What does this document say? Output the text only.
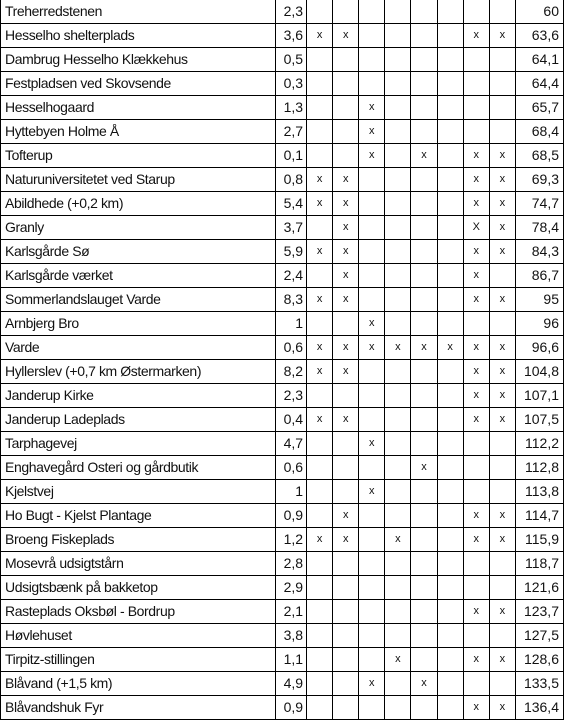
Treherredstenen	2,3									60
Hesselho shelterplads	3,6	x	x					x	x	63,6
Dambrug Hesselho Klækkehus	0,5									64,1
Festpladsen ved Skovsende	0,3									64,4
Hesselhogaard	1,3			x						65,7
Hyttebyen Holme Å	2,7			x						68,4
Tofterup	0,1			x		x		x	x	68,5
Naturuniversitetet ved Starup	0,8	x	x					x	x	69,3
Abildhede (+0,2 km)	5,4	x	x					x	x	74,7
Granly	3,7		x					X	x	78,4
Karlsgårde Sø	5,9	x	x					x	x	84,3
Karlsgårde værket	2,4		x					x		86,7
Sommerlandslauget Varde	8,3	x	x					x	x	95
Arnbjerg Bro	1			x						96
Varde	0,6	x	x	x	x	x	x	x	x	96,6
Hyllerslev (+0,7 km Østermarken)	8,2	x	x					x	x	104,8
Janderup Kirke	2,3							x	x	107,1
Janderup Ladeplads	0,4	x	x					x	x	107,5
Tarphagevej	4,7			x						112,2
Enghavegård Osteri og gårdbutik	0,6					x				112,8
Kjelstvej	1			x						113,8
Ho Bugt - Kjelst Plantage	0,9		x					x	x	114,7
Broeng Fiskeplads	1,2	x	x		x			x	x	115,9
Mosevrå udsigtstårn	2,8									118,7
Udsigtsbænk på bakketop	2,9									121,6
Rasteplads Oksbøl - Bordrup	2,1							x	x	123,7
Høvlehuset	3,8									127,5
Tirpitz-stillingen	1,1				x			x	x	128,6
Blåvand (+1,5 km)	4,9			x		x				133,5
Blåvandshuk Fyr	0,9							x	x	136,4
